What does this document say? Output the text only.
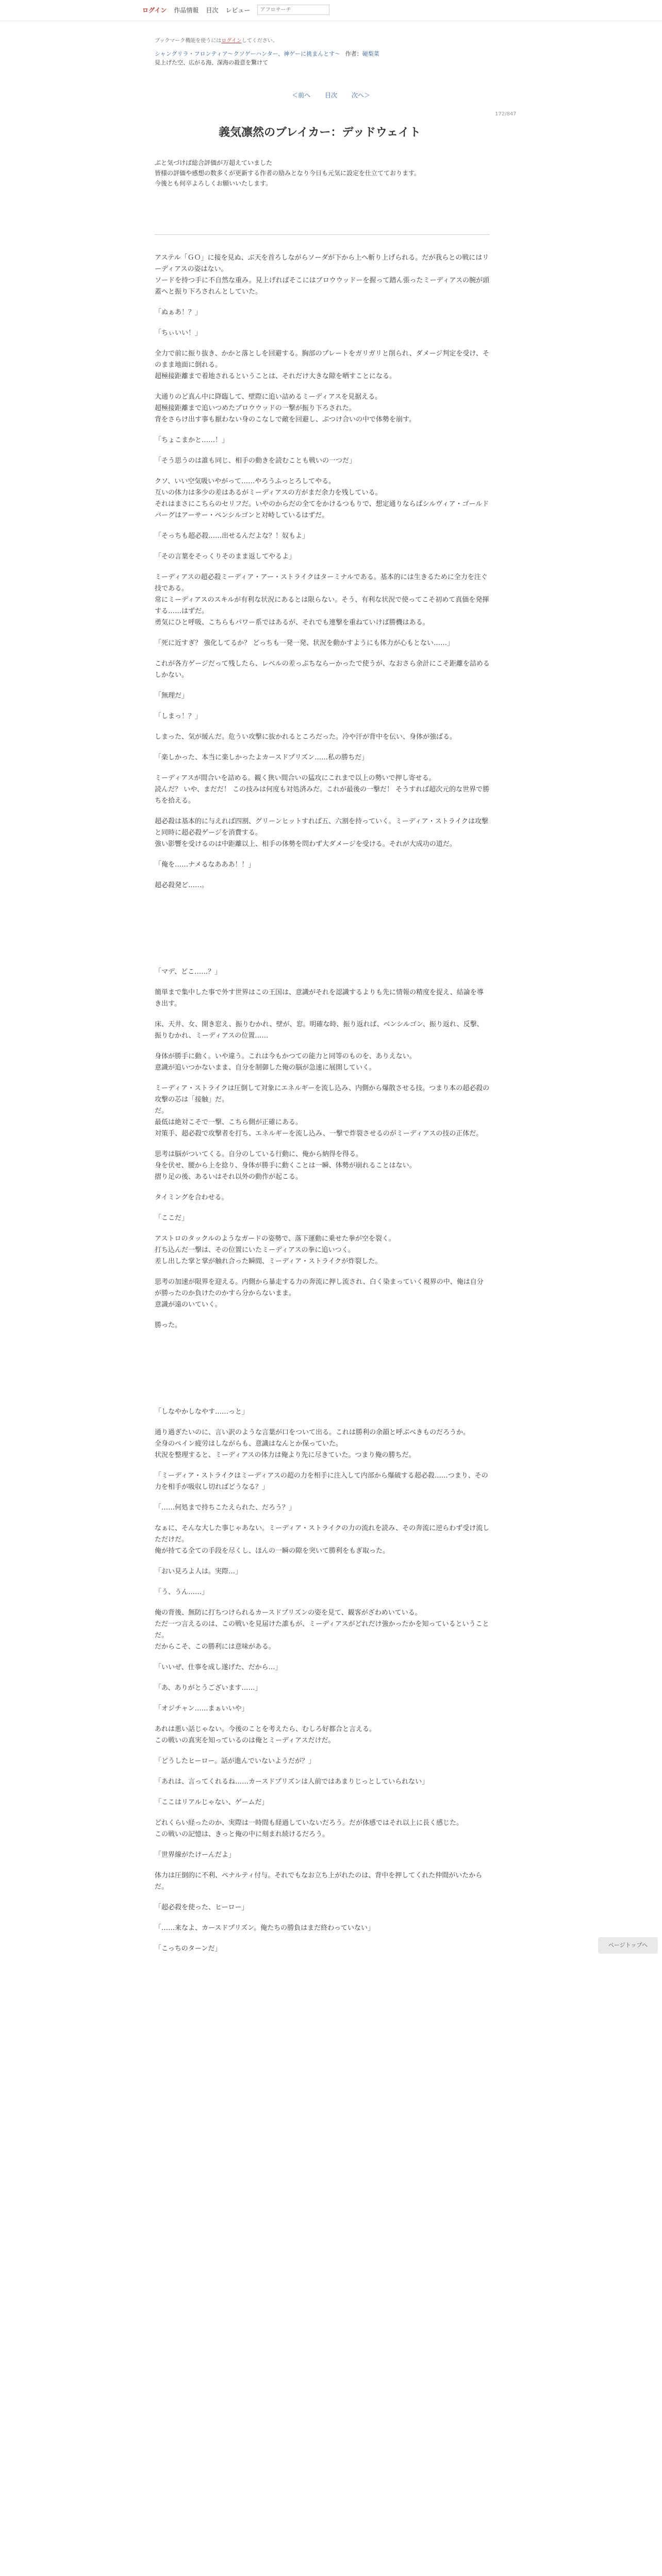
ログイン 作品情報 目次 レビュー
アフロサーチ
ブックマーク機能を使うにはログインしてください。
シャングリラ・フロンティア〜クソゲーハンター、神ゲーに挑まんとす〜 作者：硬梨菜
見上げた空、広がる海、深海の殺意を驚けて
＜前へ 目次 次へ＞
172/847
義気凛然のブレイカー：デッドウェイト

ぶと気づけば総合評価が万超えていました

皆様の評価や感想の数多くが更新する作者の励みとなり今日も元気に設定を仕立てております。

今後とも何卒よろしくお願いいたします。

アステル「ＧＯ」に接を見ぬ、ぶ天を首ろしながらソーダが下から上へ斬り上げられる。だが我らとの戦にはリーディアスの姿はない。
ソードを持つ手に不自然な重み。見上げればそこにはブロウウッドーを握って踏ん張ったミーディアスの腕が頭蓋へと振り下ろされんとしていた。

「ぬぁあ！？」

「ちぃいい！」

全力で前に振り抜き、かかと落としを回避する。胸部のプレートをガリガリと削られ、ダメージ判定を受け、そのまま地面に倒れる。
超極接距離まで着地されるということは、それだけ大きな隙を晒すことになる。

大通りのど真ん中に降臨して、壁際に追い詰めるミーディアスを見据える。
超極接距離まで追いつめたブロウウッドの一撃が振り下ろされた。
背をさらけ出す事も厭わない身のこなしで敵を回避し、ぶつけ合いの中で体勢を崩す。

「ちょこまかと……！」

「そう思うのは誰も同じ、相手の動きを読むことも戦いの一つだ」

クソ、いい空気吸いやがって……やろうふっとろしてやる。
互いの体力は多少の差はあるがミーディアスの方がまだ余力を残している。
それはまさにこちらのセリフだ。いやのからだの全てをかけるつもりで、想定通りならばシルヴィア・ゴールドバーグはアーサー・ペンシルゴンと対峙しているはずだ。

「そっちも超必殺……出せるんだよな？！奴もよ」

「その言葉をそっくりそのまま返してやるよ」

ミーディアスの超必殺ミーディア・アー・ストライクはターミナルである。基本的には生きるために全力を注ぐ技である。
常にミーディアスのスキルが有利な状況にあるとは限らない。そう、有利な状況で使ってこそ初めて真価を発揮する……はずだ。
勇気にひと呼吸、こちらもパワー系ではあるが、それでも連撃を重ねていけば勝機はある。

「死に近すぎ？ 強化してるか？ どっちも一発一発、状況を動かすようにも体力が心もとない……」

これが各方ゲージだって残したら、レベルの差っぷちならーかったで使うが、なおさら余計にこそ距離を詰めるしかない。

「無理だ」

「しまっ！？」

しまった、気が緩んだ。危うい攻撃に抜かれるところだった。冷や汗が背中を伝い、身体が強ばる。

「楽しかった、本当に楽しかったよカースドプリズン……私の勝ちだ」

ミーディアスが間合いを詰める。観く狭い間合いの猛攻にこれまで以上の勢いで押し寄せる。
読んだ？ いや、まだだ！ この技みは何度も対処済みだ。これが最後の一撃だ！ そうすれば超次元的な世界で勝ちを拾える。

超必殺は基本的に与えれば四割、グリーンヒットすれば五、六割を持っていく。ミーディア・ストライクは攻撃と同時に超必殺ゲージを消費する。
強い影響を受けるのは中距離以上、相手の体勢を問わず大ダメージを受ける。それが大成功の道だ。

「俺を……ナメるなあああ！！」

超必殺発ど……。

「マデ、どこ……？」

簡単まで集中した事で外す世界はこの王国は、意識がそれを認識するよりも先に情報の精度を捉え、結論を導き出す。

床、天井、女、開き窓え、振りむかれ、壁が、窓。明確な時、振り返れば、ベンシルゴン、振り返れ、反撃、振りむかれ、ミーディアスの位置……

身体が勝手に動く。いや違う。これは今もかつての能力と同等のものを、ありえない。
意識が追いつかないまま、自分を制御した俺の脳が急速に展開していく。

ミーディア・ストライクは圧倒して対象にエネルギーを流し込み、内側から爆散させる技。つまり本の超必殺の攻撃の芯は「接触」だ。
だ。
最低は絶対こそで一撃、こちら側が正確にある。
対策手、超必殺で攻撃者を打ち、エネルギーを流し込み、一撃で炸裂させるのがミーディアスの技の正体だ。

思考は脳がついてくる。自分のしている行動に、俺から納得を得る。
身を伏せ、腰から上を捻り、身体が勝手に動くことは一瞬、体勢が崩れることはない。
摺り足の後、あるいはそれ以外の動作が起こる。

タイミングを合わせる。

「ここだ」

アストロのタックルのようなガードの姿勢で、落下運動に乗せた拳が空を裂く。
打ち込んだ一撃は、その位置にいたミーディアスの拳に追いつく。
差し出した掌と掌が触れ合った瞬間、ミーディア・ストライクが炸裂した。

思考の加速が限界を迎える。内側から暴走する力の奔流に押し流され、白く染まっていく視界の中、俺は自分が勝ったのか負けたのかすら分からないまま。
意識が遠のいていく。

勝った。

「しなやかしなやす……っと」

通り過ぎたいのに、言い訳のような言葉が口をついて出る。これは勝利の余韻と呼ぶべきものだろうか。
全身のペイン疲労はしながらも、意識はなんとか保っていた。
状況を整理すると、ミーディアスの体力は俺より先に尽きていた。つまり俺の勝ちだ。

「ミーディア・ストライクはミーディアスの超の力を相手に注入して内部から爆破する超必殺……つまり、その力を相手が吸収し切ればどうなる？」

「……何処まで持ちこたえられた、だろう？」

なぁに、そんな大した事じゃあない。ミーディア・ストライクの力の流れを読み、その奔流に逆らわず受け流しただけだ。
俺が持てる全ての手段を尽くし、ほんの一瞬の隙を突いて勝利をもぎ取った。

「おい見ろよ人は。実際…」

「う、うん……」

俺の背後、無防に打ちつけられるカースドプリズンの姿を見て、観客がざわめいている。
ただ一つ言えるのは、この戦いを見届けた誰もが、ミーディアスがどれだけ強かったかを知っているということだ。
だからこそ、この勝利には意味がある。

「いいぜ、仕事を成し遂げた、だから…」

「あ、ありがとうございます……」

「オジチャン……まぁいいや」

あれは悪い話じゃない。今後のことを考えたら、むしろ好都合と言える。
この戦いの真実を知っているのは俺とミーディアスだけだ。

「どうしたヒーロー。話が進んでいないようだが？」

「あれは、言ってくれるね……カースドプリズンは人前ではあまりじっとしていられない」

「ここはリアルじゃない、ゲームだ」

どれくらい経ったのか、実際は一時間も経過していないだろう。だが体感ではそれ以上に長く感じた。
この戦いの記憶は、きっと俺の中に刻まれ続けるだろう。

「世界線がたけーんだよ」

体力は圧倒的に不利、ペナルティ付与。それでもなお立ち上がれたのは、背中を押してくれた仲間がいたからだ。

「超必殺を使った、ヒーロー」

「……来なよ、カースドプリズン。俺たちの勝負はまだ終わっていない」

「こっちのターンだ」	ページトップへ
